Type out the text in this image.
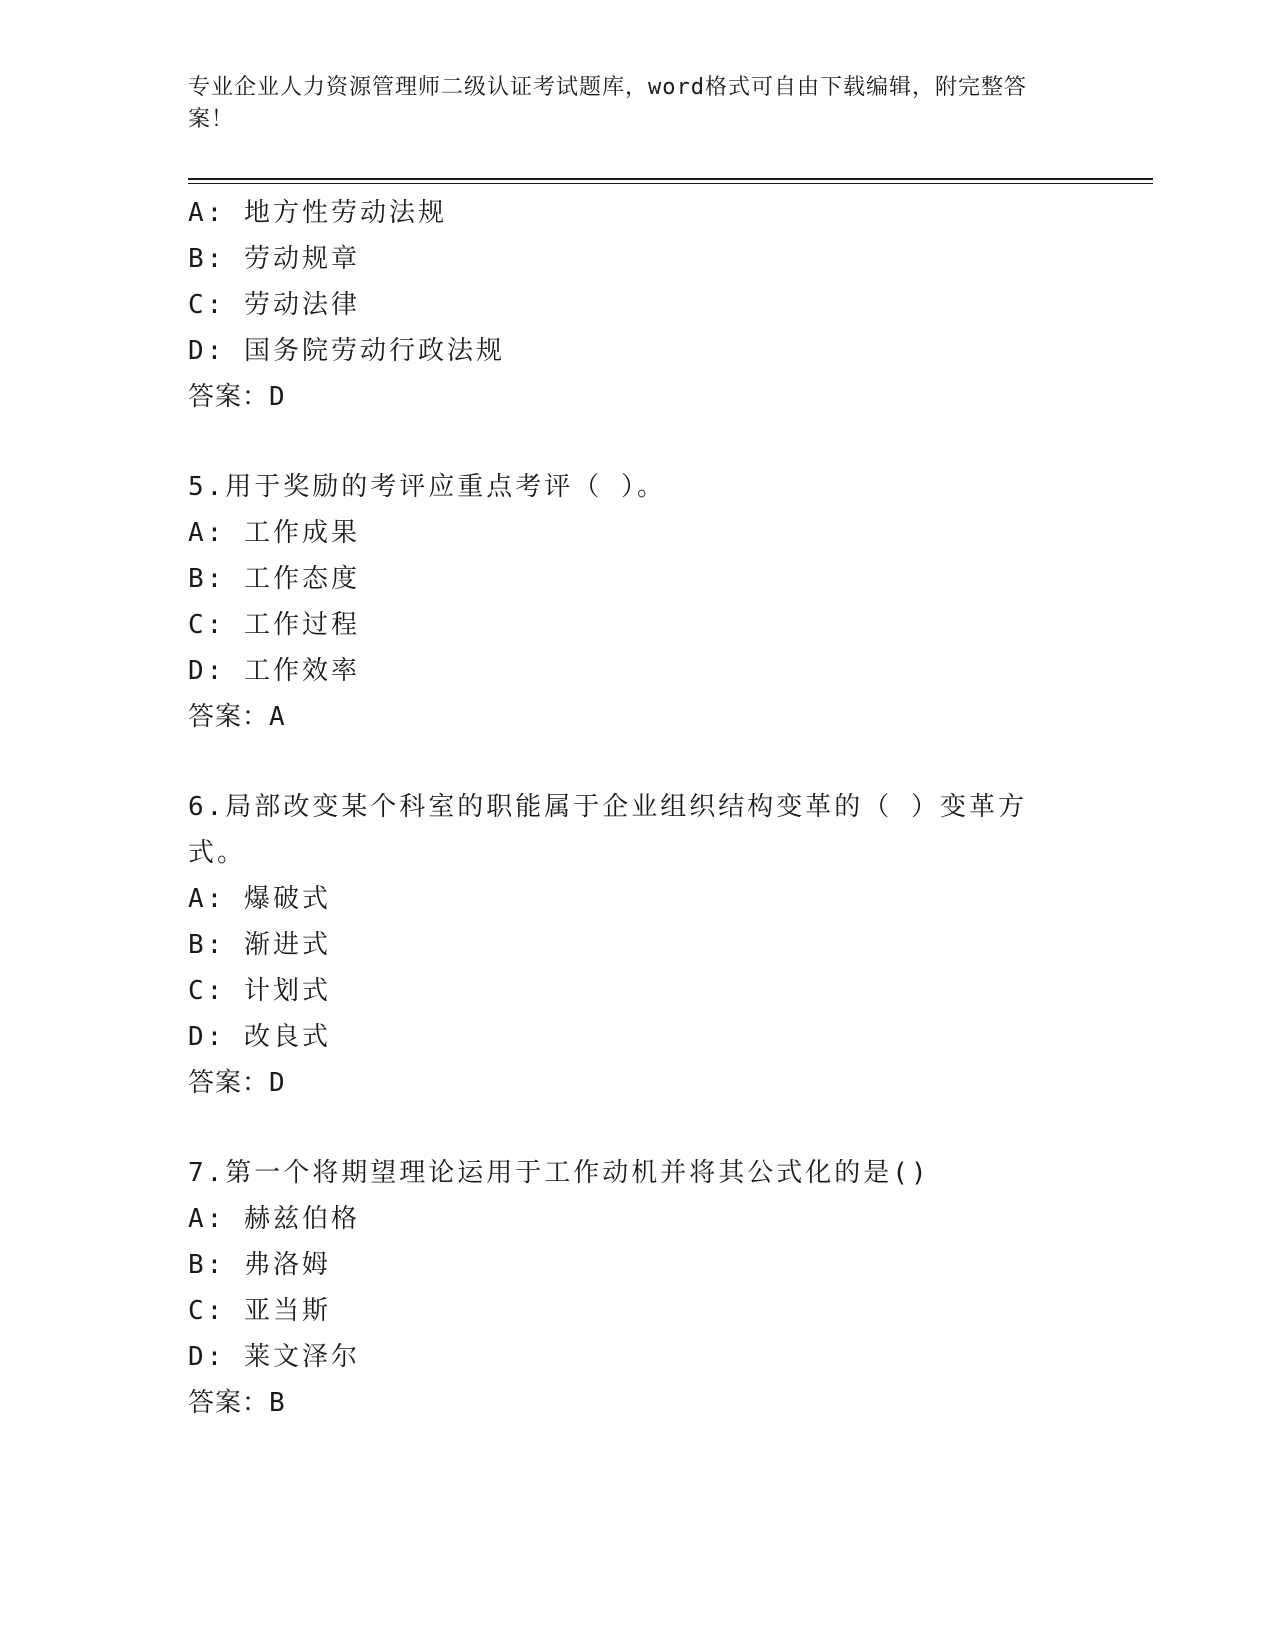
专业企业人力资源管理师二级认证考试题库，word格式可自由下载编辑，附完整答案！
A: 地方性劳动法规
B: 劳动规章
C: 劳动法律
D: 国务院劳动行政法规
答案：D
5.用于奖励的考评应重点考评（ ）。
A: 工作成果
B: 工作态度
C: 工作过程
D: 工作效率
答案：A
6.局部改变某个科室的职能属于企业组织结构变革的（ ）变革方式。
A: 爆破式
B: 渐进式
C: 计划式
D: 改良式
答案：D
7.第一个将期望理论运用于工作动机并将其公式化的是()
A: 赫兹伯格
B: 弗洛姆
C: 亚当斯
D: 莱文泽尔
答案：B
